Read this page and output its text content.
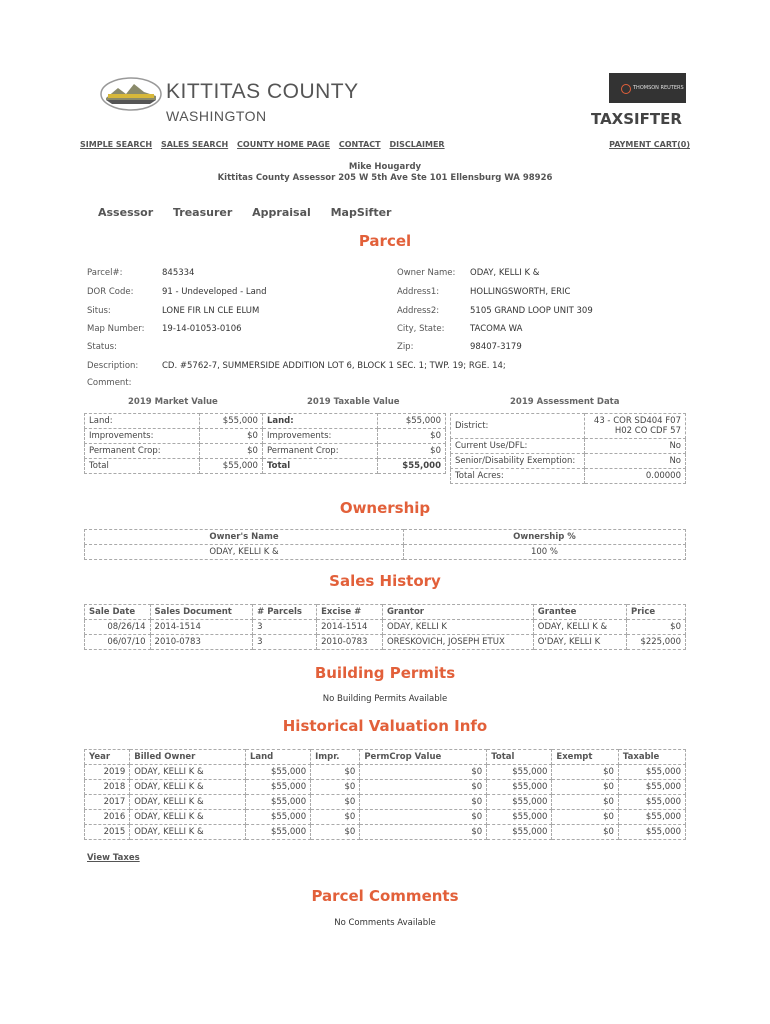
KITTITAS COUNTY
WASHINGTON
THOMSON REUTERS
TAXSIFTER
SIMPLE SEARCH SALES SEARCH COUNTY HOME PAGE CONTACT DISCLAIMER	PAYMENT CART(0)
Mike Hougardy
Kittitas County Assessor 205 W 5th Ave Ste 101 Ellensburg WA 98926
Assessor Treasurer Appraisal MapSifter
Parcel
Parcel#:	845334
DOR Code:	91 - Undeveloped - Land
Situs:	LONE FIR LN CLE ELUM
Map Number: 19-14-01053-0106
Status:
Description:	CD. #5762-7, SUMMERSIDE ADDITION LOT 6, BLOCK 1 SEC. 1; TWP. 19; RGE. 14;
Comment:
Owner Name: ODAY, KELLI K &
Address1:	HOLLINGSWORTH, ERIC
Address2:	5105 GRAND LOOP UNIT 309
City, State:	TACOMA WA
Zip:	98407-3179
2019 Market Value	2019 Taxable Value	2019 Assessment Data
Land:	$55,000	Land:	$55,000
Improvements:	$0	Improvements:	$0
Permanent Crop:	$0	Permanent Crop:	$0
Total	$55,000	Total	$55,000
District:	43 - COR SD404 F07 H02 CO CDF 57
Current Use/DFL:	No
Senior/Disability Exemption:	No
Total Acres:	0.00000
Ownership
Owner's Name	Ownership %
ODAY, KELLI K &	100 %
Sales History
Sale Date	Sales Document	# Parcels	Excise #	Grantor	Grantee	Price
08/26/14	2014-1514	3	2014-1514	ODAY, KELLI K	ODAY, KELLI K &	$0
06/07/10	2010-0783	3	2010-0783	ORESKOVICH, JOSEPH ETUX	O'DAY, KELLI K	$225,000
Building Permits
No Building Permits Available
Historical Valuation Info
Year	Billed Owner	Land	Impr.	PermCrop Value	Total	Exempt	Taxable
2019	ODAY, KELLI K &	$55,000	$0	$0	$55,000	$0	$55,000
2018	ODAY, KELLI K &	$55,000	$0	$0	$55,000	$0	$55,000
2017	ODAY, KELLI K &	$55,000	$0	$0	$55,000	$0	$55,000
2016	ODAY, KELLI K &	$55,000	$0	$0	$55,000	$0	$55,000
2015	ODAY, KELLI K &	$55,000	$0	$0	$55,000	$0	$55,000
View Taxes
Parcel Comments
No Comments Available
